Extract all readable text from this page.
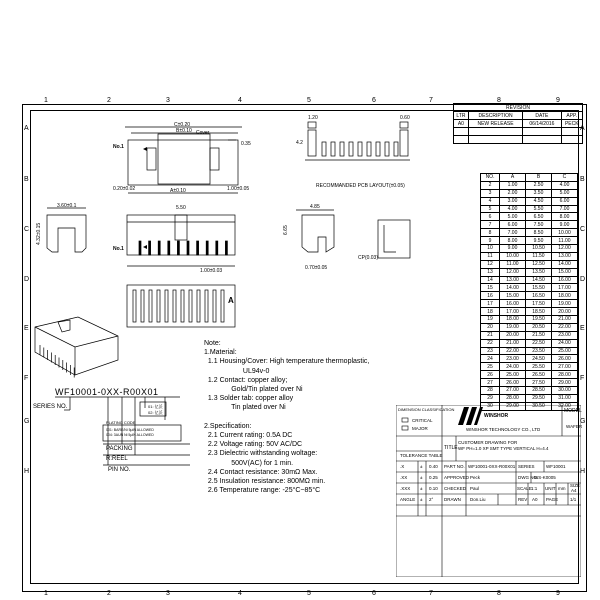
1	2	3	4	5	6	7	8	9
1	2	3	4	5	6	7	8	9
A
B
C
D
E
F
G
H
A
B
C
D
E
F
G
H
REVISION			
LTR	DESCRIPTION	DATE	APP.
A0	NEW RELEASE	06/14/2016	PECK

NO.	A	B	C
2	1.00	2.50	4.00
3	2.00	3.50	5.00
4	3.00	4.50	6.00
5	4.00	5.50	7.00
6	5.00	6.50	8.00
7	6.00	7.50	9.00
8	7.00	8.50	10.00
9	8.00	9.50	11.00
10	9.00	10.50	12.00
11	10.00	11.50	13.00
12	11.00	12.50	14.00
13	12.00	13.50	15.00
14	13.00	14.50	16.00
15	14.00	15.50	17.00
16	15.00	16.50	18.00
17	16.00	17.50	19.00
18	17.00	18.50	20.00
19	18.00	19.50	21.00
20	19.00	20.50	22.00
21	20.00	21.50	23.00
22	21.00	22.50	24.00
23	22.00	23.50	25.00
24	23.00	24.50	26.00
25	24.00	25.50	27.00
26	25.00	26.50	28.00
27	26.00	27.50	29.00
28	27.00	28.50	30.00
29	28.00	29.50	31.00
30	29.00	30.50	32.00
Cover
No.1
C±0.20
B±0.10
A±0.10
0.35
0.20±0.02	1.00±0.05
1.20	0.60
4.2
RECOMMANDED PCB LAYOUT(±0.05)
3.60±0.1
4.32±0.15
5.50
1.00±0.03
No.1
4.85
6.65
0.70±0.05
CP(0.03)
A
WF10001-0XX-R00X01
01: 亿沃
02: 亿沃
PLATING CODE
001: BARE/Ni 5μIN ALLOWED
004: 3AUN Ni 5μIN ALLOWED
SERIES NO.
PACKING
R:REEL
PIN NO.
Note:
1.Material:
1.1 Housing/Cover: High temperature thermoplastic,
UL94v-0
1.2 Contact: copper alloy;
Gold/Tin plated over Ni
1.3 Solder tab: copper alloy
Tin plated over Ni

2.Specification:
2.1 Current rating: 0.5A DC
2.2 Voltage rating: 50V AC/DC
2.3 Dielectric withstanding woltage:
500V(AC) for 1 min.
2.4 Contact resistance: 30mΩ Max.
2.5 Insulation resistance: 800MΩ min.
2.6 Temperature range: -25°C~85°C
DIMENSION CLASSIFICATION
CRITICAL
MAJOR
WINSHOR
WINSHOR TECHNOLOGY CO., LTD
MODEL
WAFER
TOLERANCE TABLE
TITLE
CUSTOMER DRAWING FOR
WF PH=1.0 XP SMT TYPE VERTICAL H=4.4
.X	± 0.40
.XX	± 0.25
.XXX ± 0.10
ANGLE ± 2°
PART NO. WF10001-0XX-R00X01 SERIES	WF10001
APPROVED Peck	DWG NO.
WS-K0005
CHECKED Paul	SCALE 1:1 UNIT mm
SIZE
A4
DRAWN Don.Liu	REV A0 PAGE	1/1
